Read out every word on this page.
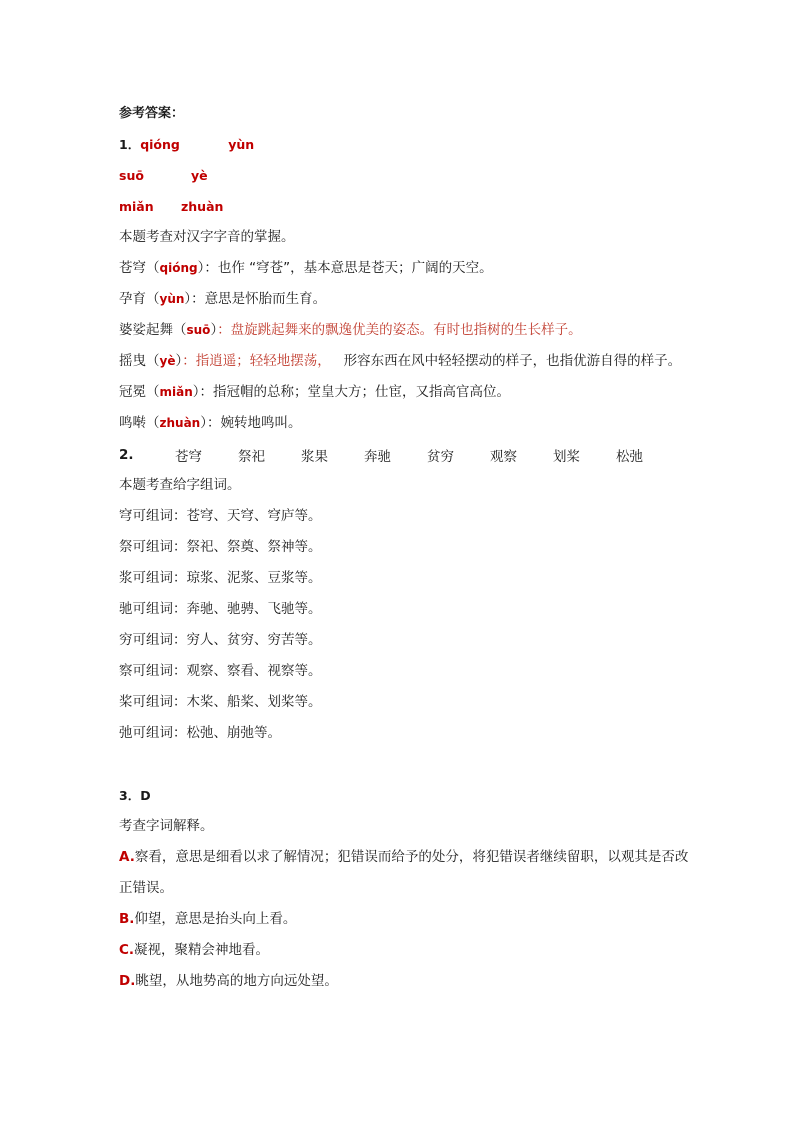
参考答案：
1．qióng	yùn
suō	yè
miǎn zhuàn
本题考查对汉字字音的掌握。
苍穹（qióng）：也作 “穹苍”，基本意思是苍天；广阔的天空。
孕育（yùn）：意思是怀胎而生育。
婆娑起舞（suō）：盘旋跳起舞来的飘逸优美的姿态。有时也指树的生长样子。
摇曳（yè）：指逍遥；轻轻地摆荡， 形容东西在风中轻轻摆动的样子，也指优游自得的样子。
冠冕（miǎn）：指冠帽的总称；堂皇大方；仕宦，又指高官高位。
鸣啭（zhuàn）：婉转地鸣叫。
2.	苍穹	祭祀	浆果	奔驰	贫穷	观察	划桨	松弛
本题考查给字组词。
穹可组词：苍穹、天穹、穹庐等。
祭可组词：祭祀、祭奠、祭神等。
浆可组词：琼浆、泥浆、豆浆等。
驰可组词：奔驰、驰骋、飞驰等。
穷可组词：穷人、贫穷、穷苦等。
察可组词：观察、察看、视察等。
桨可组词：木桨、船桨、划桨等。
弛可组词：松弛、崩弛等。
3．D
考查字词解释。
A.察看，意思是细看以求了解情况；犯错误而给予的处分，将犯错误者继续留职，以观其是否改正错误。
B.仰望，意思是抬头向上看。
C.凝视，聚精会神地看。
D.眺望，从地势高的地方向远处望。
